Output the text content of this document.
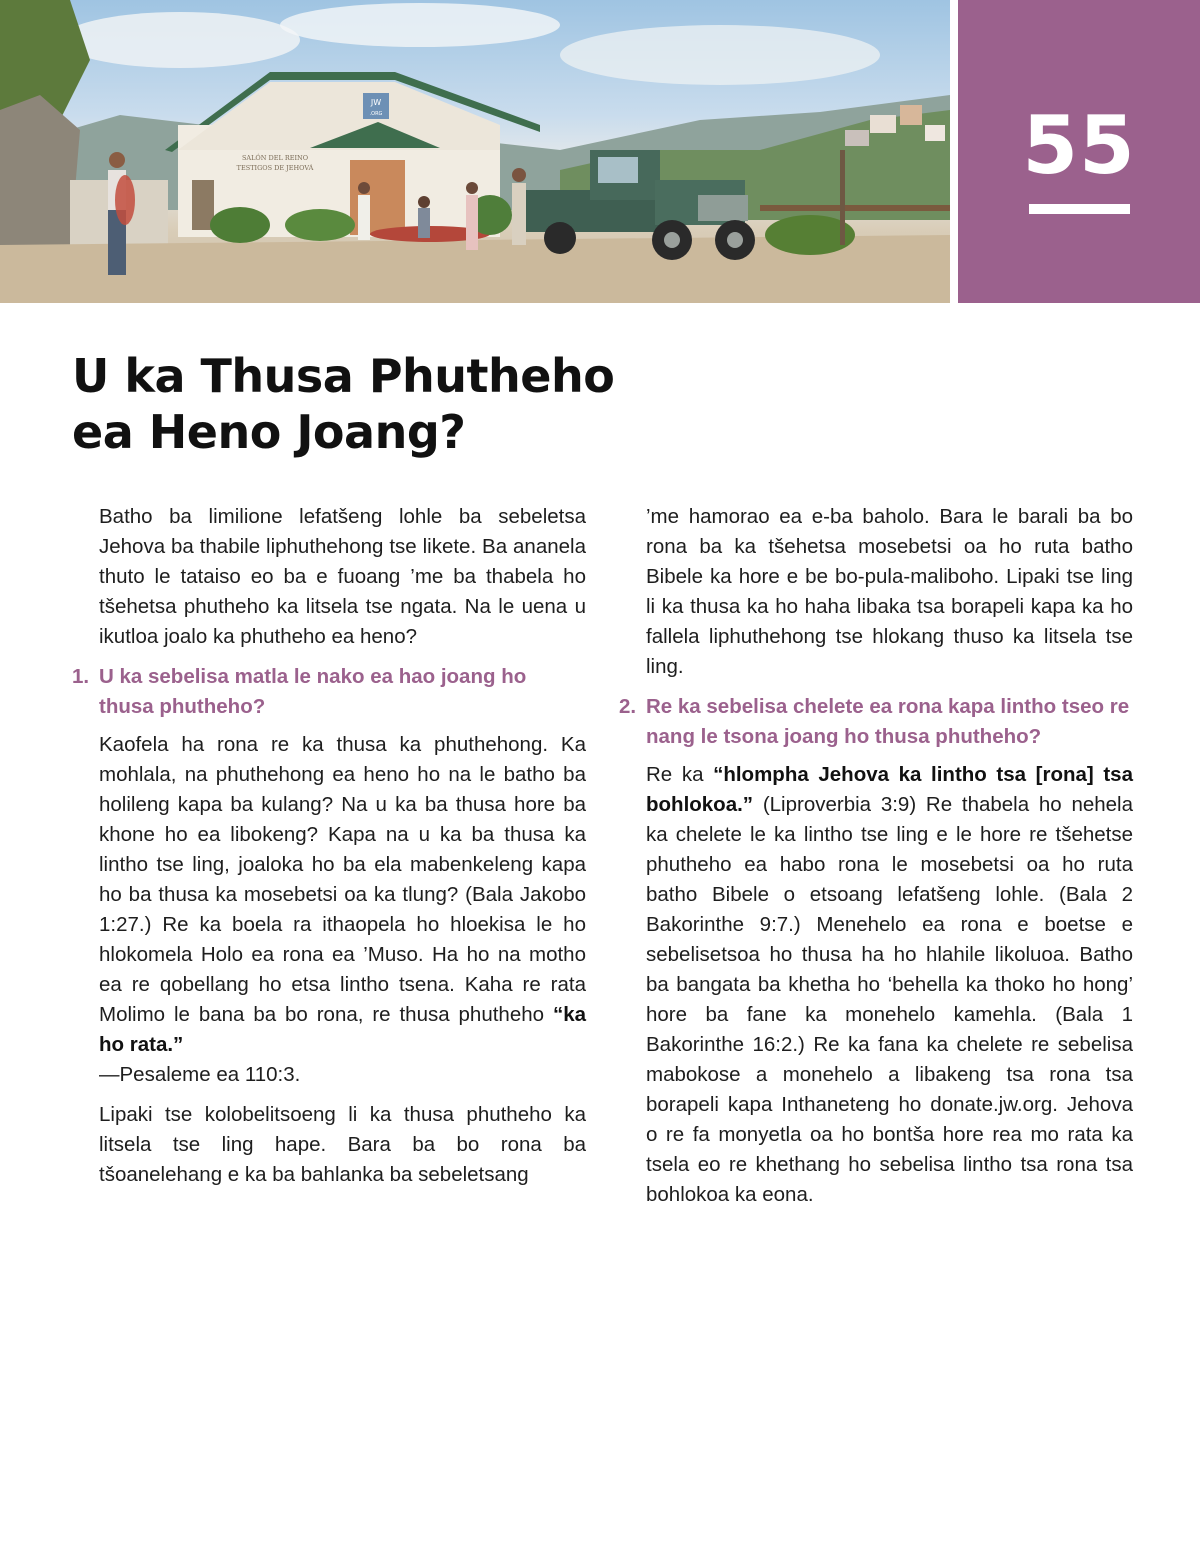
JW
.ORG
SALÓN DEL REINO
TESTIGOS DE JEHOVÁ	55
U ka Thusa Phutheho
ea Heno Joang?

Batho ba limilione lefatšeng lohle ba sebeletsa Jehova ba thabile liphuthehong tse likete. Ba ananela thuto le tataiso eo ba e fuoang ’me ba thabela ho tšehetsa phutheho ka litsela tse ngata. Na le uena u ikutloa joalo ka phutheho ea heno?

1. U ka sebelisa matla le nako ea hao joang ho thusa phutheho?

Kaofela ha rona re ka thusa ka phuthehong. Ka mohlala, na phuthehong ea heno ho na le batho ba holileng kapa ba kulang? Na u ka ba thusa hore ba khone ho ea libokeng? Kapa na u ka ba thusa ka lintho tse ling, joaloka ho ba ela mabenkeleng kapa ho ba thusa ka mosebetsi oa ka tlung? (Bala Jakobo 1:27.) Re ka boela ra ithaopela ho hloekisa le ho hlokomela Holo ea rona ea ’Muso. Ha ho na motho ea re qobellang ho etsa lintho tsena. Kaha re rata Molimo le bana ba bo rona, re thusa phutheho “ka ho rata.”
—Pesaleme ea 110:3.

Lipaki tse kolobelitsoeng li ka thusa phutheho ka litsela tse ling hape. Bara ba bo rona ba tšoanelehang e ka ba bahlanka ba sebeletsang

’me hamorao ea e-ba baholo. Bara le barali ba bo rona ba ka tšehetsa mosebetsi oa ho ruta batho Bibele ka hore e be bo-pula-maliboho. Lipaki tse ling li ka thusa ka ho haha libaka tsa borapeli kapa ka ho fallela liphuthehong tse hlokang thuso ka litsela tse ling.

2. Re ka sebelisa chelete ea rona kapa lintho tseo re nang le tsona joang ho thusa phutheho?

Re ka “hlompha Jehova ka lintho tsa [rona] tsa bohlokoa.” (Liproverbia 3:9) Re thabela ho nehela ka chelete le ka lintho tse ling e le hore re tšehetse phutheho ea habo rona le mosebetsi oa ho ruta batho Bibele o etsoang lefatšeng lohle. (Bala 2 Bakorinthe 9:7.) Menehelo ea rona e boetse e sebelisetsoa ho thusa ha ho hlahile likoluoa. Batho ba bangata ba khetha ho ‘behella ka thoko ho hong’ hore ba fane ka monehelo kamehla. (Bala 1 Bakorinthe 16:2.) Re ka fana ka chelete re sebelisa mabokose a monehelo a libakeng tsa rona tsa borapeli kapa Inthaneteng ho donate.jw.org. Jehova o re fa monyetla oa ho bontša hore rea mo rata ka tsela eo re khethang ho sebelisa lintho tsa rona tsa bohlokoa ka eona.
